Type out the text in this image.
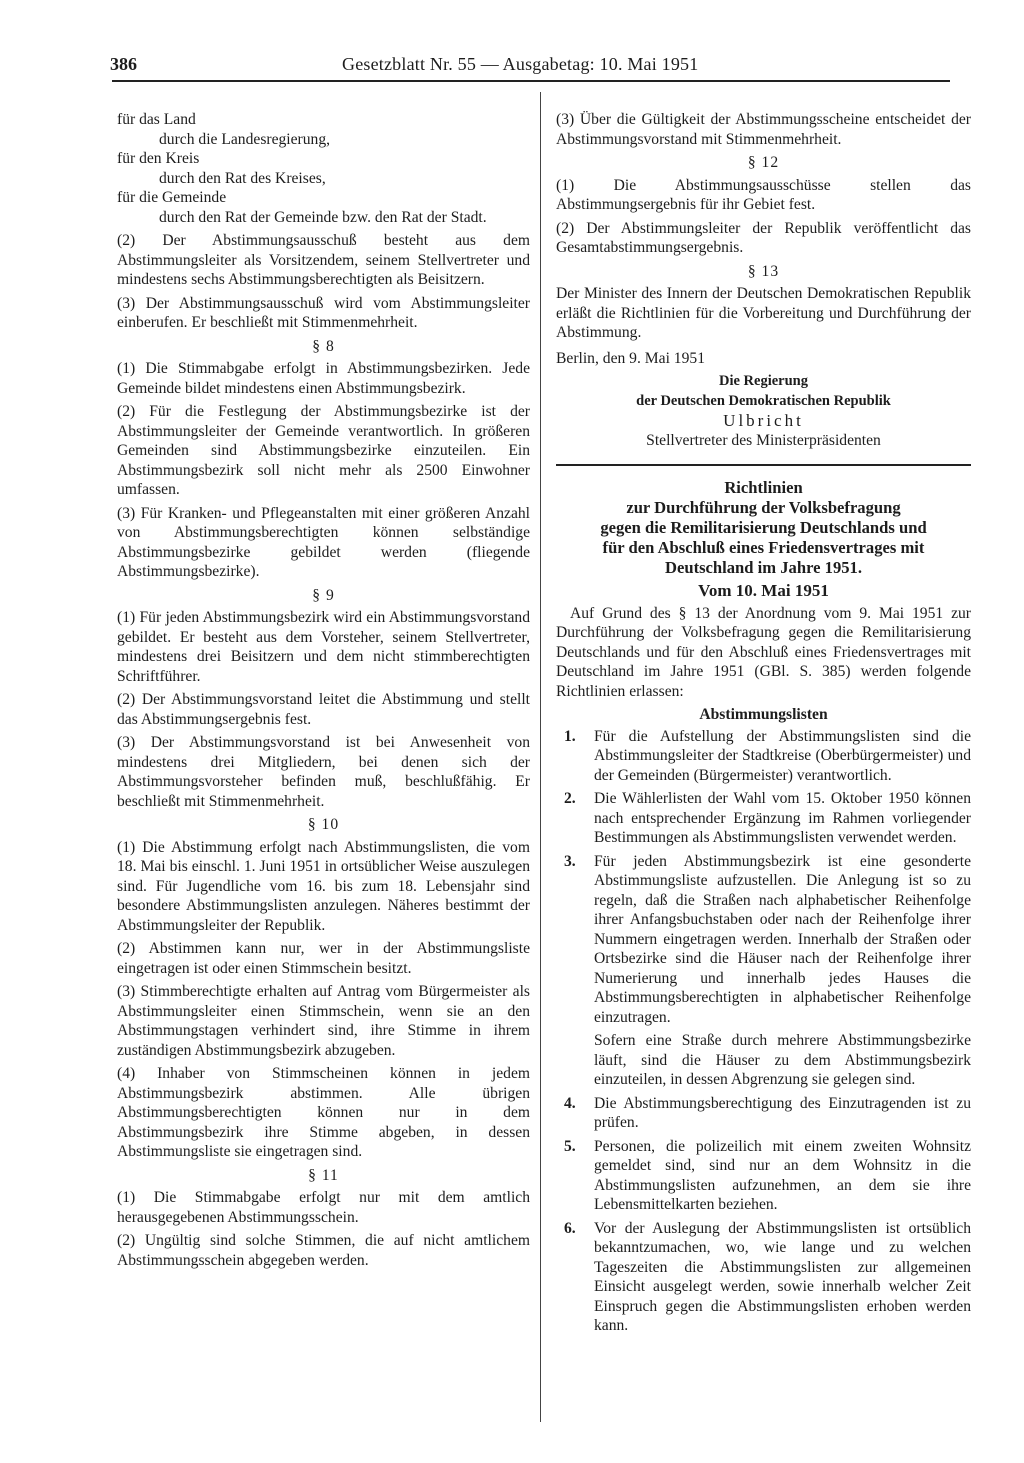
386	Gesetzblatt Nr. 55 — Ausgabetag: 10. Mai 1951
für das Land
durch die Landesregierung,
für den Kreis
durch den Rat des Kreises,
für die Gemeinde
durch den Rat der Gemeinde bzw. den Rat der Stadt.

(2) Der Abstimmungsausschuß besteht aus dem Abstimmungsleiter als Vorsitzendem, seinem Stellvertreter und mindestens sechs Abstimmungsberechtigten als Beisitzern.

(3) Der Abstimmungsausschuß wird vom Abstimmungsleiter einberufen. Er beschließt mit Stimmenmehrheit.

§ 8

(1) Die Stimmabgabe erfolgt in Abstimmungsbezirken. Jede Gemeinde bildet mindestens einen Abstimmungsbezirk.

(2) Für die Festlegung der Abstimmungsbezirke ist der Abstimmungsleiter der Gemeinde verantwortlich. In größeren Gemeinden sind Abstimmungsbezirke einzuteilen. Ein Abstimmungsbezirk soll nicht mehr als 2500 Einwohner umfassen.

(3) Für Kranken- und Pflegeanstalten mit einer größeren Anzahl von Abstimmungsberechtigten können selbständige Abstimmungsbezirke gebildet werden (fliegende Abstimmungsbezirke).

§ 9

(1) Für jeden Abstimmungsbezirk wird ein Abstimmungsvorstand gebildet. Er besteht aus dem Vorsteher, seinem Stellvertreter, mindestens drei Beisitzern und dem nicht stimmberechtigten Schriftführer.

(2) Der Abstimmungsvorstand leitet die Abstimmung und stellt das Abstimmungsergebnis fest.

(3) Der Abstimmungsvorstand ist bei Anwesenheit von mindestens drei Mitgliedern, bei denen sich der Abstimmungsvorsteher befinden muß, beschlußfähig. Er beschließt mit Stimmenmehrheit.

§ 10

(1) Die Abstimmung erfolgt nach Abstimmungslisten, die vom 18. Mai bis einschl. 1. Juni 1951 in ortsüblicher Weise auszulegen sind. Für Jugendliche vom 16. bis zum 18. Lebensjahr sind besondere Abstimmungslisten anzulegen. Näheres bestimmt der Abstimmungsleiter der Republik.

(2) Abstimmen kann nur, wer in der Abstimmungsliste eingetragen ist oder einen Stimmschein besitzt.

(3) Stimmberechtigte erhalten auf Antrag vom Bürgermeister als Abstimmungsleiter einen Stimmschein, wenn sie an den Abstimmungstagen verhindert sind, ihre Stimme in ihrem zuständigen Abstimmungsbezirk abzugeben.

(4) Inhaber von Stimmscheinen können in jedem Abstimmungsbezirk abstimmen. Alle übrigen Abstimmungsberechtigten können nur in dem Abstimmungsbezirk ihre Stimme abgeben, in dessen Abstimmungsliste sie eingetragen sind.

§ 11

(1) Die Stimmabgabe erfolgt nur mit dem amtlich herausgegebenen Abstimmungsschein.

(2) Ungültig sind solche Stimmen, die auf nicht amtlichem Abstimmungsschein abgegeben werden.

(3) Über die Gültigkeit der Abstimmungsscheine entscheidet der Abstimmungsvorstand mit Stimmenmehrheit.

§ 12

(1) Die Abstimmungsausschüsse stellen das Abstimmungsergebnis für ihr Gebiet fest.

(2) Der Abstimmungsleiter der Republik veröffentlicht das Gesamtabstimmungsergebnis.

§ 13

Der Minister des Innern der Deutschen Demokratischen Republik erläßt die Richtlinien für die Vorbereitung und Durchführung der Abstimmung.

Berlin, den 9. Mai 1951

Die Regierung
der Deutschen Demokratischen Republik
Ulbricht
Stellvertreter des Ministerpräsidenten
Richtlinien
zur Durchführung der Volksbefragung
gegen die Remilitarisierung Deutschlands und
für den Abschluß eines Friedensvertrages mit
Deutschland im Jahre 1951.
Vom 10. Mai 1951

Auf Grund des § 13 der Anordnung vom 9. Mai 1951 zur Durchführung der Volksbefragung gegen die Remilitarisierung Deutschlands und für den Abschluß eines Friedensvertrages mit Deutschland im Jahre 1951 (GBl. S. 385) werden folgende Richtlinien erlassen:

Abstimmungslisten
1. Für die Aufstellung der Abstimmungslisten sind die Abstimmungsleiter der Stadtkreise (Oberbürgermeister) und der Gemeinden (Bürgermeister) verantwortlich.

2. Die Wählerlisten der Wahl vom 15. Oktober 1950 können nach entsprechender Ergänzung im Rahmen vorliegender Bestimmungen als Abstimmungslisten verwendet werden.

3. Für jeden Abstimmungsbezirk ist eine gesonderte Abstimmungsliste aufzustellen. Die Anlegung ist so zu regeln, daß die Straßen nach alphabetischer Reihenfolge ihrer Anfangsbuchstaben oder nach der Reihenfolge ihrer Nummern eingetragen werden. Innerhalb der Straßen oder Ortsbezirke sind die Häuser nach der Reihenfolge ihrer Numerierung und innerhalb jedes Hauses die Abstimmungsberechtigten in alphabetischer Reihenfolge einzutragen.

Sofern eine Straße durch mehrere Abstimmungsbezirke läuft, sind die Häuser zu dem Abstimmungsbezirk einzuteilen, in dessen Abgrenzung sie gelegen sind.

4. Die Abstimmungsberechtigung des Einzutragenden ist zu prüfen.

5. Personen, die polizeilich mit einem zweiten Wohnsitz gemeldet sind, sind nur an dem Wohnsitz in die Abstimmungslisten aufzunehmen, an dem sie ihre Lebensmittelkarten beziehen.

6. Vor der Auslegung der Abstimmungslisten ist ortsüblich bekanntzumachen, wo, wie lange und zu welchen Tageszeiten die Abstimmungslisten zur allgemeinen Einsicht ausgelegt werden, sowie innerhalb welcher Zeit Einspruch gegen die Abstimmungslisten erhoben werden kann.
